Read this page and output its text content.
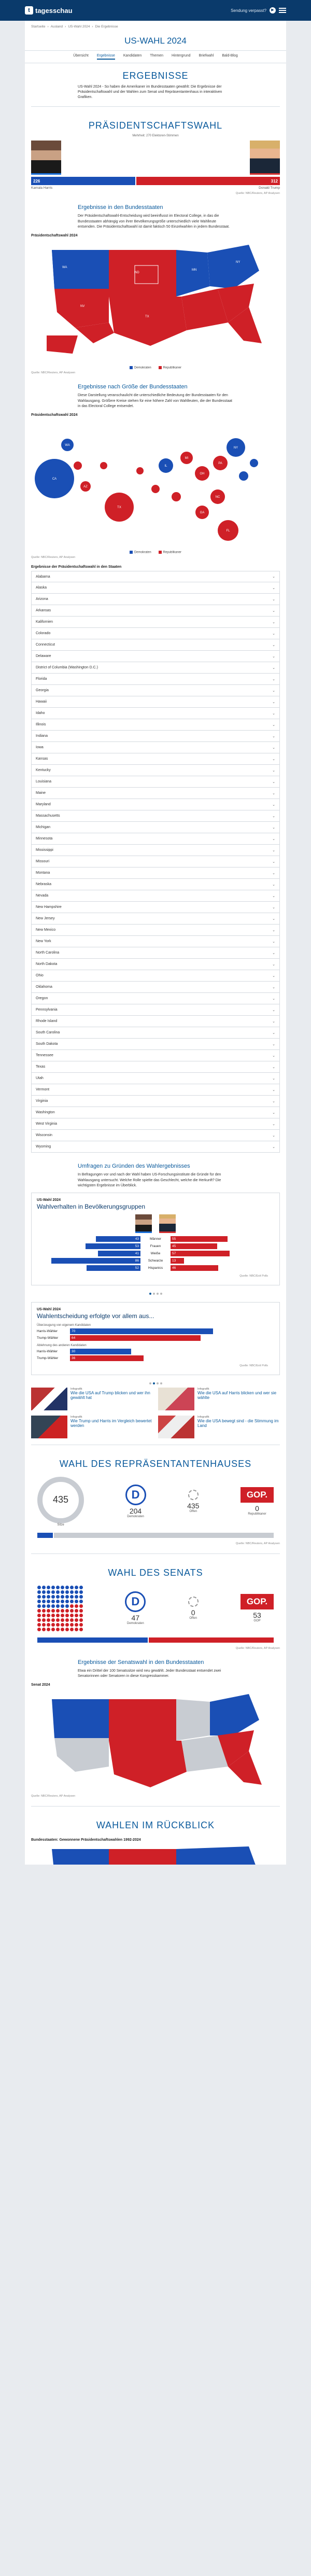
t tagesschau	Sendung verpasst?	▶
Startseite › Ausland › US-Wahl 2024 › Die Ergebnisse
US-WAHL 2024
Übersicht Ergebnisse Kandidaten Themen Hintergrund Briefwahl Bald-Blog
ERGEBNISSE

US-Wahl 2024 - So haben die Amerikaner im Bundesstaaten gewählt: Die Ergebnisse der Präsidentschaftswahl und der Wahlen zum Senat und Repräsentantenhaus in interaktiven Grafiken.

PRÄSIDENTSCHAFTSWAHL
Mehrheit: 270 Elektoren-Stimmen
226	312
Kamala Harris	Donald Trump
Quelle: NBC/Reuters, AP Analysen
Ergebnisse in den Bundesstaaten

Der Präsidentschaftswahl-Entscheidung wird beeinflusst im Electoral College, in das die Bundesstaaten abhängig von ihrer Bevölkerungsgröße unterschiedlich viele Wahlleute entsenden. Die Präsidentschaftswahl ist damit faktisch 50 Einzelwahlen in jedem Bundesstaat.

Präsidentschaftswahl 2024
WA
ND
NV
TX
MN
NY
Demokraten	Republikaner
Quelle: NBC/Reuters, AP Analysen
Ergebnisse nach Größe der Bundesstaaten

Diese Darstellung veranschaulicht die unterschiedliche Bedeutung der Bundesstaaten für den Wahlausgang. Größere Kreise stehen für eine höhere Zahl von Wahlleuten, die der Bundesstaat in das Electoral College entsendet.

Präsidentschaftswahl 2024
WA
CA
AZ
TX
IL
MI
OH
PA
NY
NC
GA
FL
Demokraten	Republikaner
Quelle: NBC/Reuters, AP Analysen
Ergebnisse der Präsidentschaftswahl in den Staaten
Alabama	⌄
Alaska	⌄
Arizona	⌄
Arkansas	⌄
Kalifornien	⌄
Colorado	⌄
Connecticut	⌄
Delaware	⌄
District of Columbia (Washington D.C.)	⌄
Florida	⌄
Georgia	⌄
Hawaii	⌄
Idaho	⌄
Illinois	⌄
Indiana	⌄
Iowa	⌄
Kansas	⌄
Kentucky	⌄
Louisiana	⌄
Maine	⌄
Maryland	⌄
Massachusetts	⌄
Michigan	⌄
Minnesota	⌄
Mississippi	⌄
Missouri	⌄
Montana	⌄
Nebraska	⌄
Nevada	⌄
New Hampshire	⌄
New Jersey	⌄
New Mexico	⌄
New York	⌄
North Carolina	⌄
North Dakota	⌄
Ohio	⌄
Oklahoma	⌄
Oregon	⌄
Pennsylvania	⌄
Rhode Island	⌄
South Carolina	⌄
South Dakota	⌄
Tennessee	⌄
Texas	⌄
Utah	⌄
Vermont	⌄
Virginia	⌄
Washington	⌄
West Virginia	⌄
Wisconsin	⌄
Wyoming	⌄
Umfragen zu Gründen des Wahlergebnisses

In Befragungen vor und nach der Wahl haben US-Forschungsinstitute die Gründe für den Wahlausgang untersucht. Welche Rolle spielte das Geschlecht, welche die Herkunft? Die wichtigsten Ergebnisse im Überblick.

US-Wahl 2024
Wahlverhalten in Bevölkerungsgruppen
43	Männer	55
53	Frauen	45
41	Weiße	57
86	Schwarze	13
52	Hispanics	46
Quelle: NBC/Exit Polls
US-Wahl 2024
Wahlentscheidung erfolgte vor allem aus...
Überzeugung von eigenem Kandidaten
Harris-Wähler	70
Trump-Wähler	64
Ablehnung des anderen Kandidaten
Harris-Wähler	30
Trump-Wähler	36
Quelle: NBC/Exit Polls
Infografik
Wie die USA auf Trump blicken und wer ihn gewählt hat
Infografik
Wie die USA auf Harris blicken und wer sie wählte
Infografik
Wie Trump und Harris im Vergleich bewertet werden
Infografik
Wie die USA bewegt sind - die Stimmung im Land
WAHL DES REPRÄSENTANTENHAUSES
435
Sitze
D
204
Demokraten
435
Offen
GOP.
0
Republikaner
Quelle: NBC/Reuters, AP Analysen
WAHL DES SENATS
D
47
Demokraten
0
Offen
GOP.
53
GOP
Quelle: NBC/Reuters, AP Analysen
Ergebnisse der Senatswahl in den Bundesstaaten

Etwa ein Drittel der 100 Senatssitze wird neu gewählt. Jeder Bundesstaat entsendet zwei Senatorinnen oder Senatoren in diese Kongresskammer.

Senat 2024
Quelle: NBC/Reuters, AP Analysen
WAHLEN IM RÜCKBLICK
Bundesstaaten: Gewonnene Präsidentschaftswahlen 1992-2024
